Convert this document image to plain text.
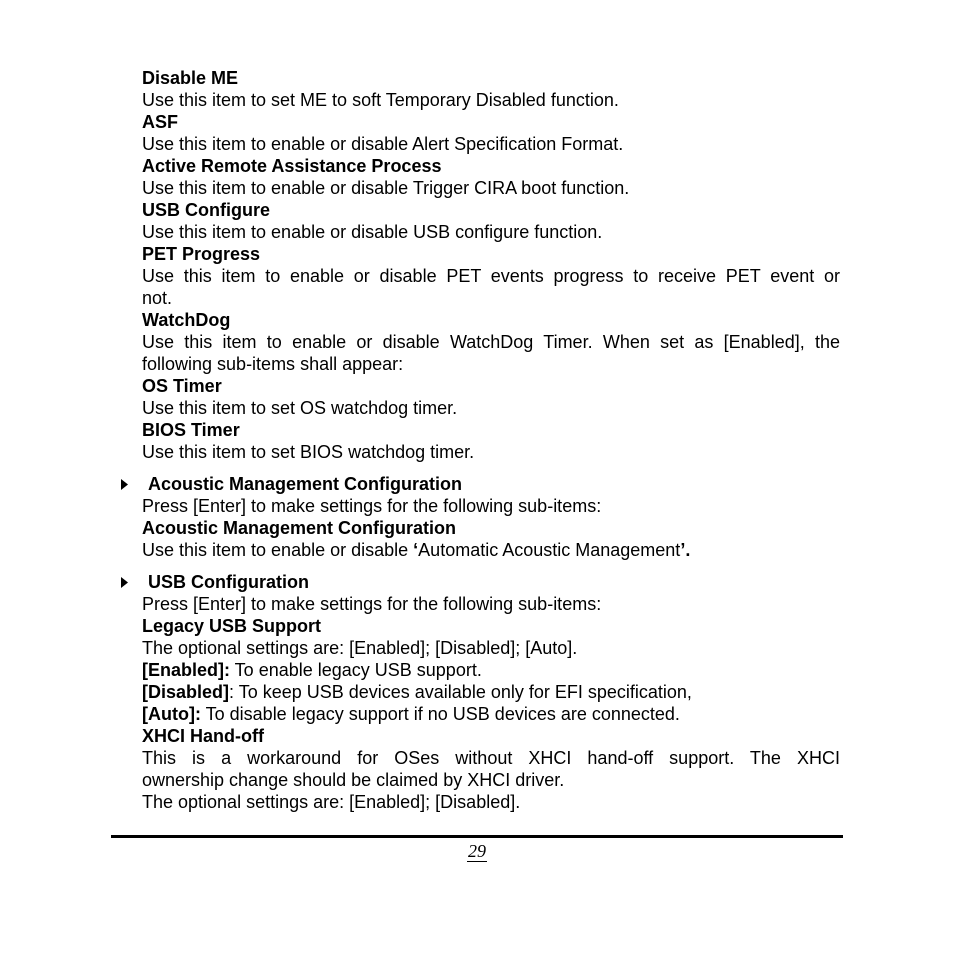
Disable ME
Use this item to set ME to soft Temporary Disabled function.
ASF
Use this item to enable or disable Alert Specification Format.
Active Remote Assistance Process
Use this item to enable or disable Trigger CIRA boot function.
USB Configure
Use this item to enable or disable USB configure function.
PET Progress
Use this item to enable or disable PET events progress to receive PET event or
not.
WatchDog
Use this item to enable or disable WatchDog Timer. When set as [Enabled], the
following sub-items shall appear:
OS Timer
Use this item to set OS watchdog timer.
BIOS Timer
Use this item to set BIOS watchdog timer.
Acoustic Management Configuration
Press [Enter] to make settings for the following sub-items:
Acoustic Management Configuration
Use this item to enable or disable ‘Automatic Acoustic Management’.
USB Configuration
Press [Enter] to make settings for the following sub-items:
Legacy USB Support
The optional settings are: [Enabled]; [Disabled]; [Auto].
[Enabled]: To enable legacy USB support.
[Disabled]: To keep USB devices available only for EFI specification,
[Auto]: To disable legacy support if no USB devices are connected.
XHCI Hand-off
This is a workaround for OSes without XHCI hand-off support. The XHCI
ownership change should be claimed by XHCI driver.
The optional settings are: [Enabled]; [Disabled].
29
